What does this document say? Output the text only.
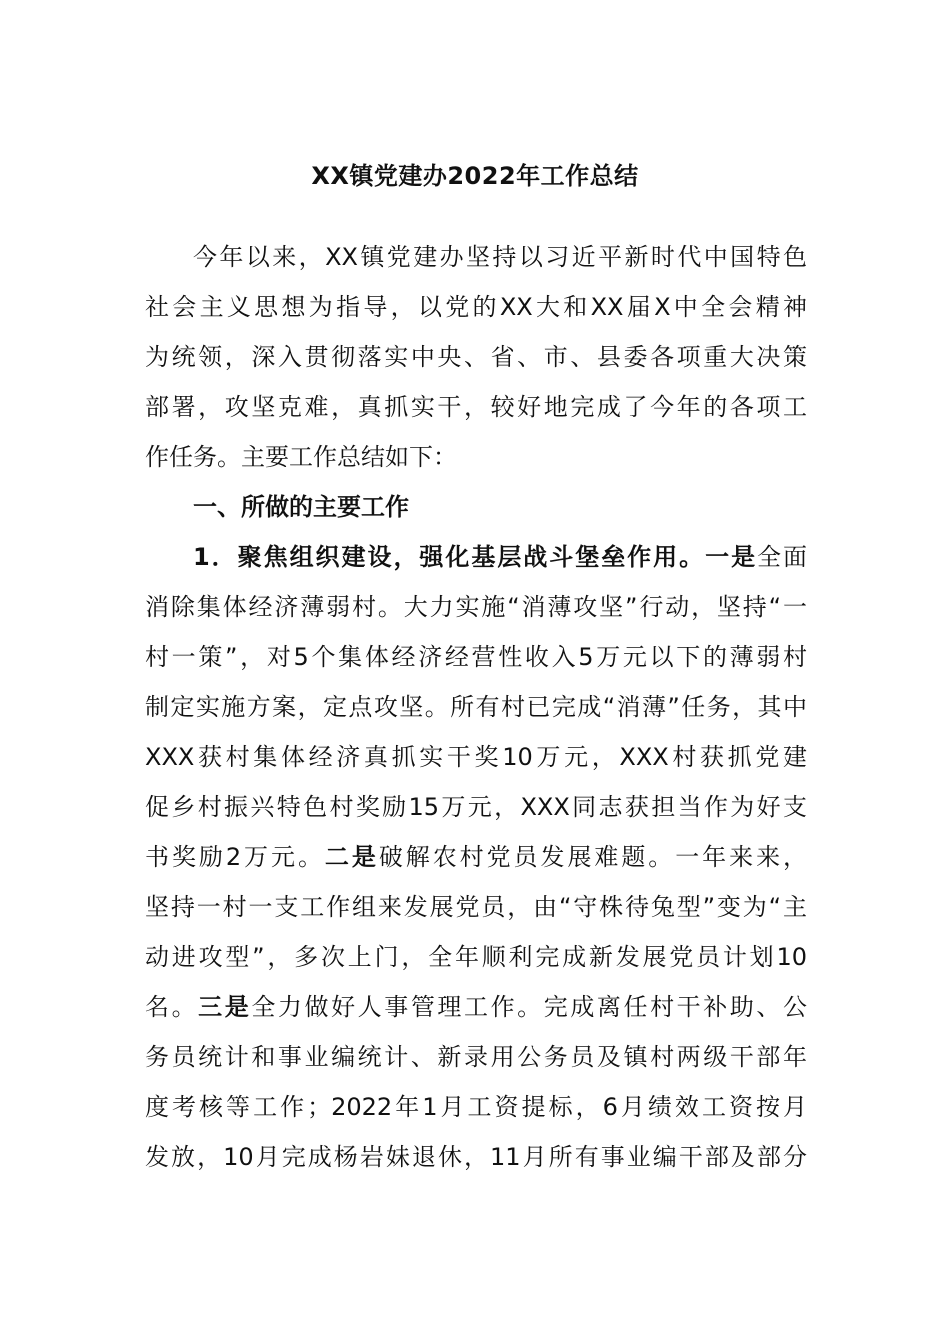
XX镇党建办2022年工作总结
今年以来，XX镇党建办坚持以习近平新时代中国特色
社会主义思想为指导，以党的XX大和XX届X中全会精神
为统领，深入贯彻落实中央、省、市、县委各项重大决策
部署，攻坚克难，真抓实干，较好地完成了今年的各项工
作任务。主要工作总结如下：
一、所做的主要工作
1．聚焦组织建设，强化基层战斗堡垒作用。一是全面
消除集体经济薄弱村。大力实施“消薄攻坚”行动，坚持“一
村一策”，对5个集体经济经营性收入5万元以下的薄弱村
制定实施方案，定点攻坚。所有村已完成“消薄”任务，其中
XXX获村集体经济真抓实干奖10万元，XXX村获抓党建
促乡村振兴特色村奖励15万元，XXX同志获担当作为好支
书奖励2万元。二是破解农村党员发展难题。一年来来，
坚持一村一支工作组来发展党员，由“守株待兔型”变为“主
动进攻型”，多次上门，全年顺利完成新发展党员计划10
名。三是全力做好人事管理工作。完成离任村干补助、公
务员统计和事业编统计、新录用公务员及镇村两级干部年
度考核等工作；2022年1月工资提标，6月绩效工资按月
发放，10月完成杨岩妹退休，11月所有事业编干部及部分
